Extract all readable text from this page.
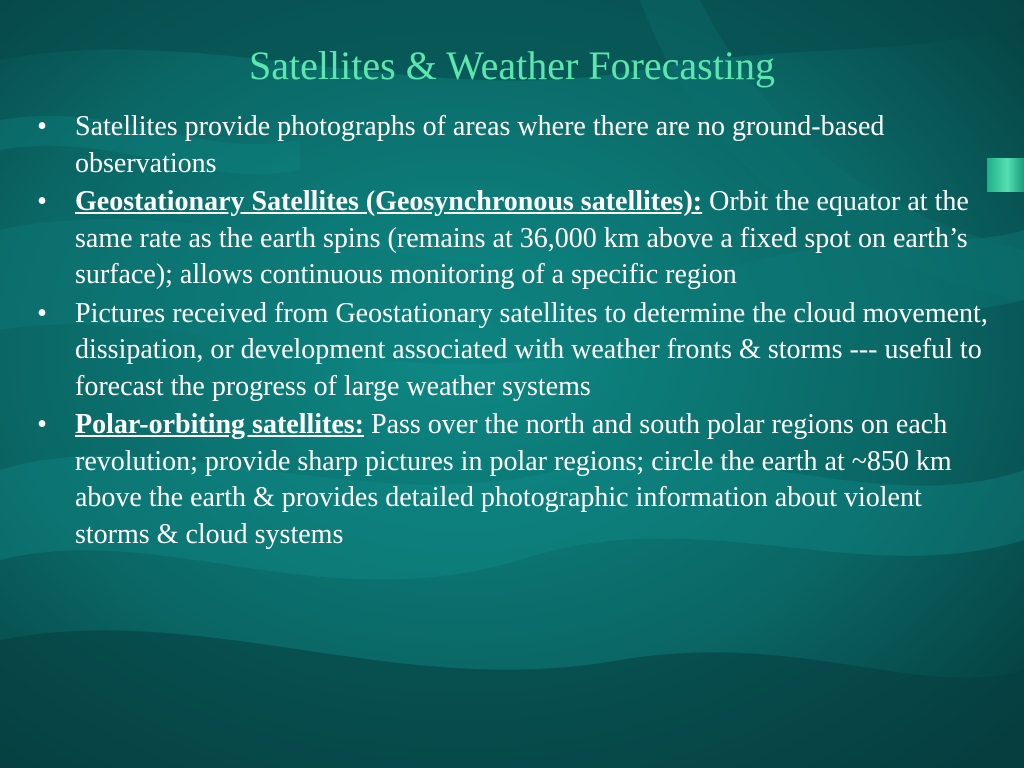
Satellites & Weather Forecasting
• Satellites provide photographs of areas where there are no ground-based observations
• Geostationary Satellites (Geosynchronous satellites): Orbit the equator at the same rate as the earth spins (remains at 36,000 km above a fixed spot on earth’s surface); allows continuous monitoring of a specific region
• Pictures received from Geostationary satellites to determine the cloud movement, dissipation, or development associated with weather fronts & storms --- useful to forecast the progress of large weather systems
• Polar-orbiting satellites: Pass over the north and south polar regions on each revolution; provide sharp pictures in polar regions; circle the earth at ~850 km above the earth & provides detailed photographic information about violent storms & cloud systems
